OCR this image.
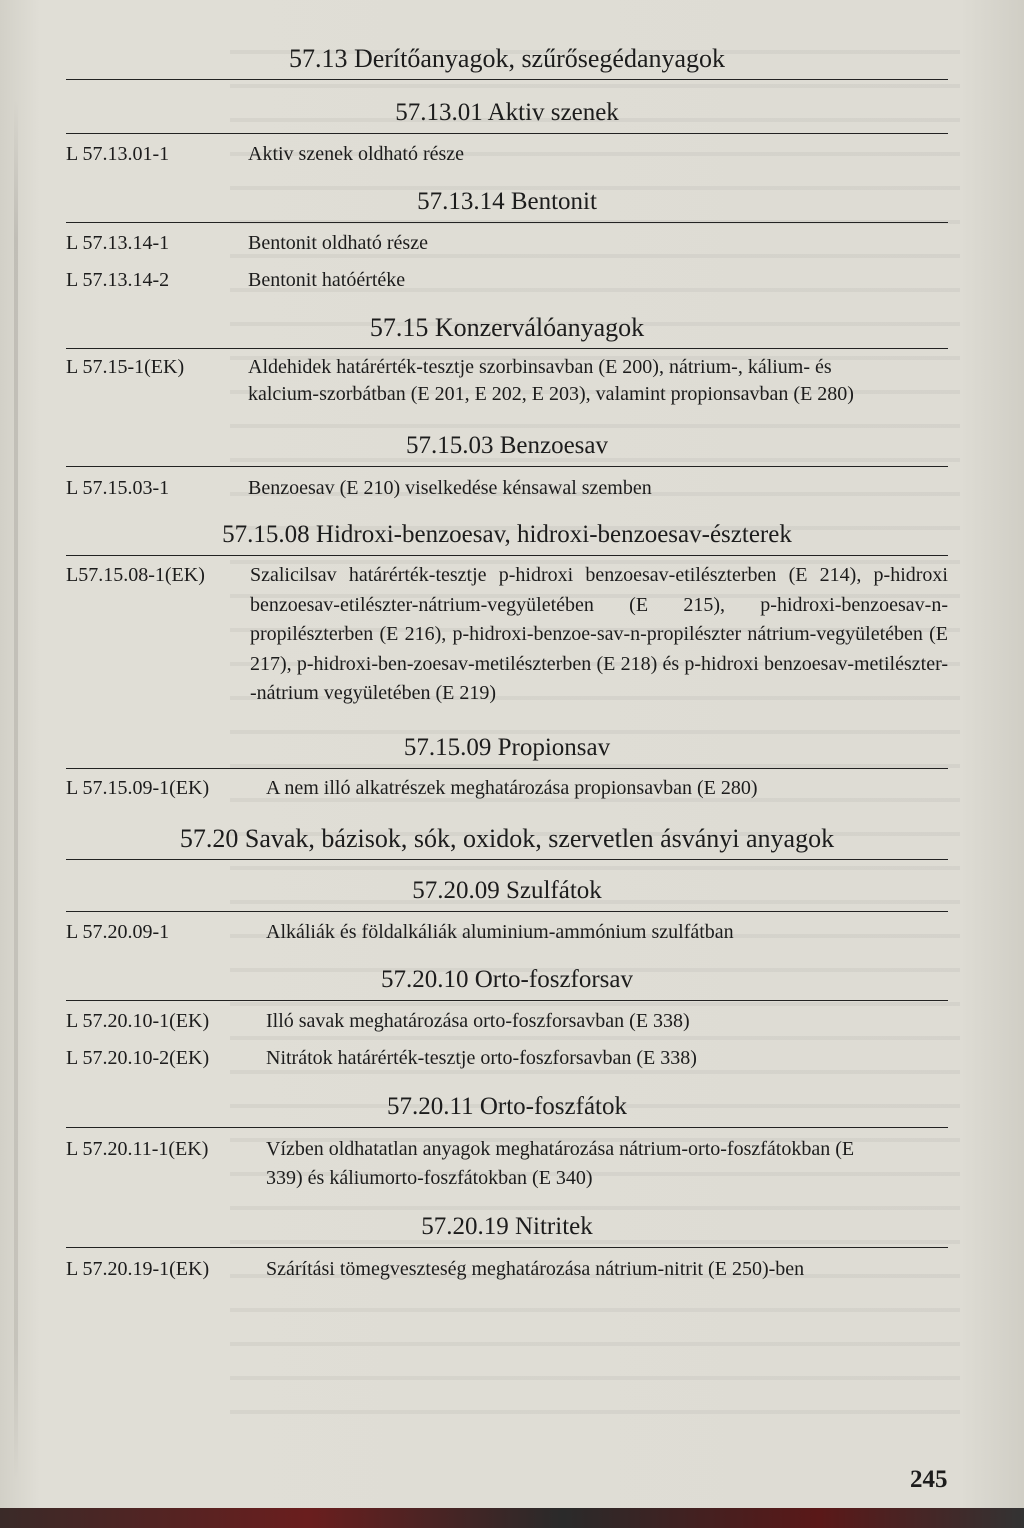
57.13 Derítőanyagok, szűrősegédanyagok
57.13.01 Aktiv szenek
L 57.13.01-1	Aktiv szenek oldható része
57.13.14 Bentonit
L 57.13.14-1	Bentonit oldható része
L 57.13.14-2	Bentonit hatóértéke
57.15 Konzerválóanyagok
L 57.15-1(EK)	Aldehidek határérték-tesztje szorbinsavban (E 200), nátrium-, kálium- és kalcium-szorbátban (E 201, E 202, E 203), valamint propionsavban (E 280)
57.15.03 Benzoesav
L 57.15.03-1	Benzoesav (E 210) viselkedése kénsawal szemben
57.15.08 Hidroxi-benzoesav, hidroxi-benzoesav-észterek
L57.15.08-1(EK)	Szalicilsav határérték-tesztje p-hidroxi benzoesav-etilészterben (E 214), p-hidroxi benzoesav-etilészter-nátrium-vegyületében (E 215), p-hidroxi-benzoesav-n-propilészterben (E 216), p-hidroxi-benzoe-sav-n-propilészter nátrium-vegyületében (E 217), p-hidroxi-ben-zoesav-metilészterben (E 218) és p-hidroxi benzoesav-metilészter--nátrium vegyületében (E 219)
57.15.09 Propionsav
L 57.15.09-1(EK)	A nem illó alkatrészek meghatározása propionsavban (E 280)
57.20 Savak, bázisok, sók, oxidok, szervetlen ásványi anyagok
57.20.09 Szulfátok
L 57.20.09-1	Alkáliák és földalkáliák aluminium-ammónium szulfátban
57.20.10 Orto-foszforsav
L 57.20.10-1(EK)	Illó savak meghatározása orto-foszforsavban (E 338)
L 57.20.10-2(EK)	Nitrátok határérték-tesztje orto-foszforsavban (E 338)
57.20.11 Orto-foszfátok
L 57.20.11-1(EK)	Vízben oldhatatlan anyagok meghatározása nátrium-orto-foszfátokban (E 339) és káliumorto-foszfátokban (E 340)
57.20.19 Nitritek
L 57.20.19-1(EK)	Szárítási tömegveszteség meghatározása nátrium-nitrit (E 250)-ben
245
